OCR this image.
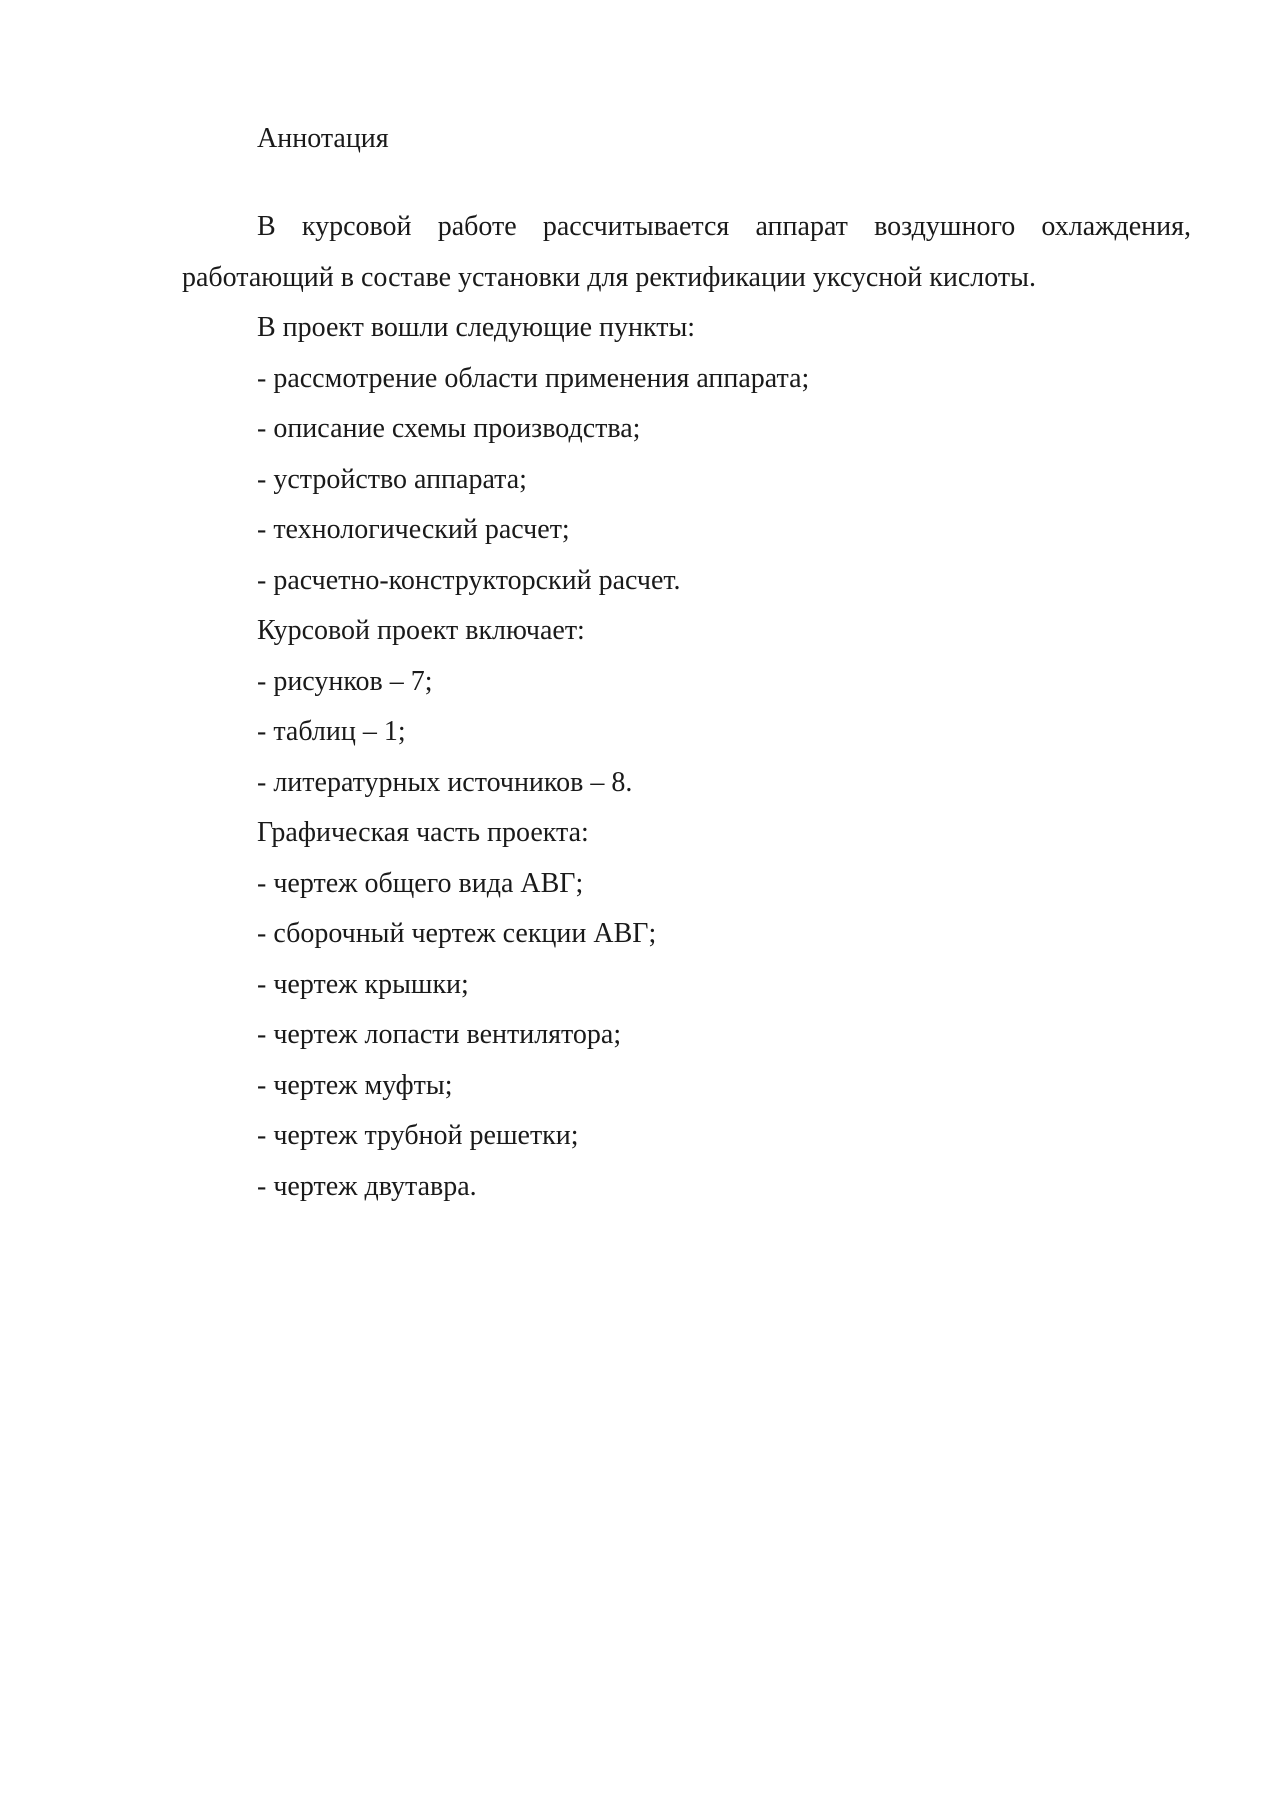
Аннотация

В курсовой работе рассчитывается аппарат воздушного охлаждения, работающий в составе установки для ректификации уксусной кислоты.

В проект вошли следующие пункты:

- рассмотрение области применения аппарата;
- описание схемы производства;
- устройство аппарата;
- технологический расчет;
- расчетно-конструкторский расчет.

Курсовой проект включает:

- рисунков – 7;
- таблиц – 1;
- литературных источников – 8.

Графическая часть проекта:

- чертеж общего вида АВГ;
- сборочный чертеж секции АВГ;
- чертеж крышки;
- чертеж лопасти вентилятора;
- чертеж муфты;
- чертеж трубной решетки;
- чертеж двутавра.
